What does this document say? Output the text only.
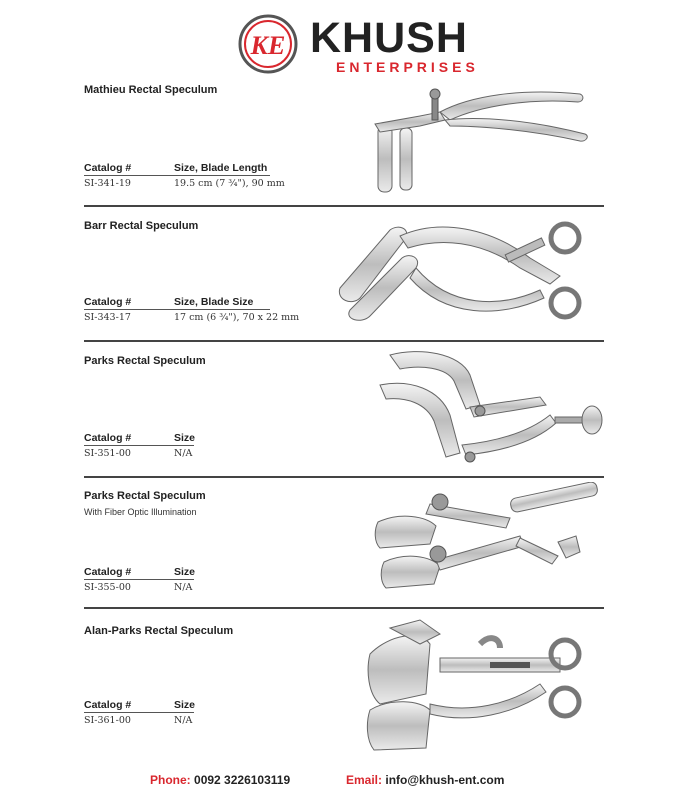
KE KHUSH
ENTERPRISES
Mathieu Rectal Speculum
Catalog #	Size, Blade Length
SI-341-19	19.5 cm (7 ¾"), 90 mm
Barr Rectal Speculum
Catalog #	Size, Blade Size
SI-343-17	17 cm (6 ¾"), 70 x 22 mm
Parks Rectal Speculum
Catalog #	Size
SI-351-00	N/A
Parks Rectal Speculum
With Fiber Optic Illumination
Catalog #	Size
SI-355-00	N/A
Alan-Parks Rectal Speculum
Catalog #	Size
SI-361-00	N/A
Phone: 0092 3226103119	Email: info@khush-ent.com
